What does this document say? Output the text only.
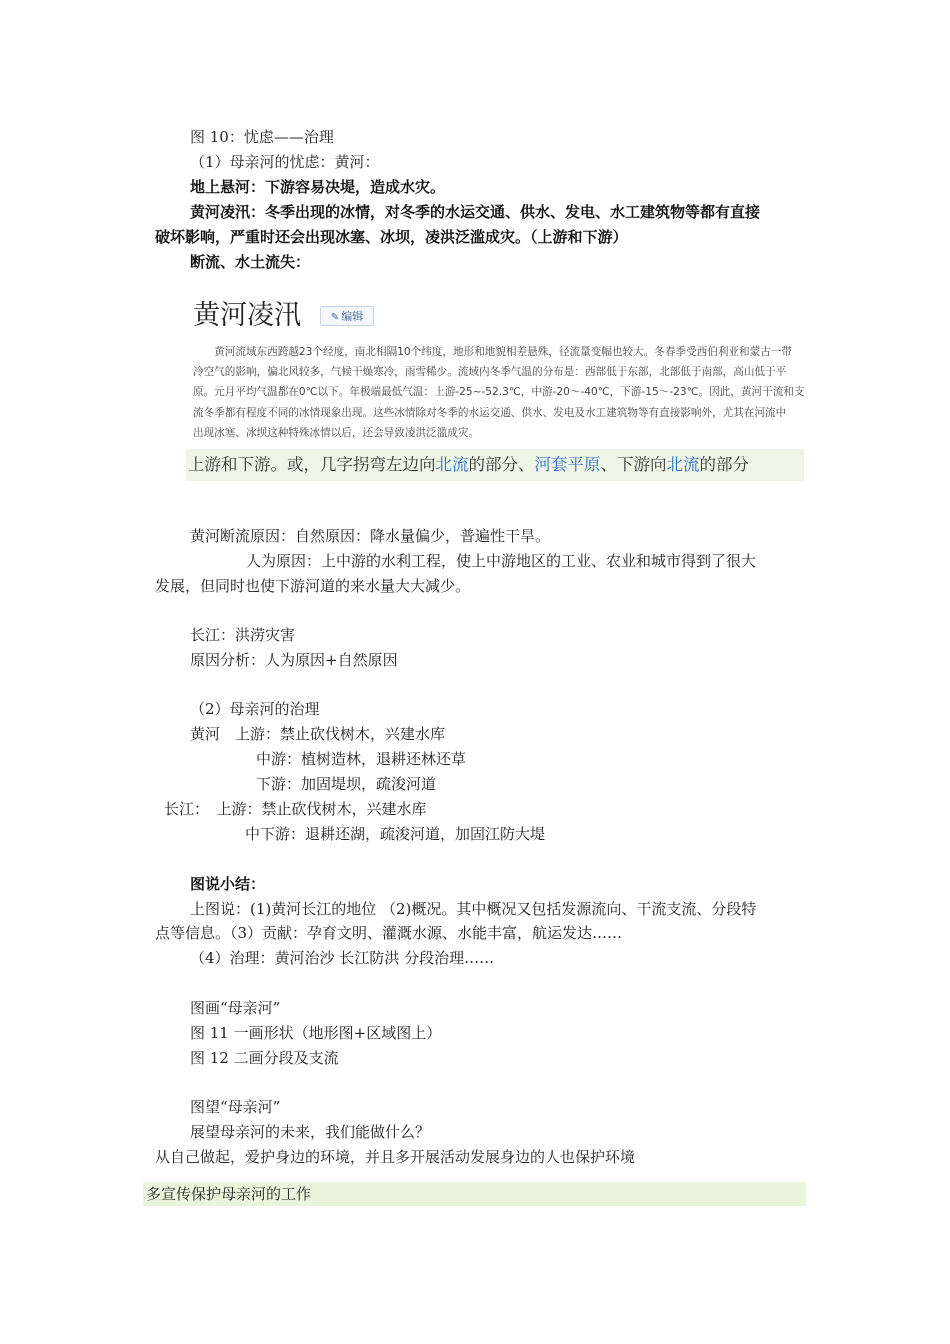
图 10：忧虑——治理
（1）母亲河的忧虑：黄河：
地上悬河：下游容易决堤，造成水灾。
黄河凌汛：冬季出现的冰情，对冬季的水运交通、供水、发电、水工建筑物等都有直接
破坏影响，严重时还会出现冰塞、冰坝，凌洪泛滥成灾。（上游和下游）
断流、水土流失：
黄河凌汛	✎ 编辑
　　黄河流域东西跨越23个经度，南北相隔10个纬度，地形和地貌相差悬殊，径流量变幅也较大。冬春季受西伯利亚和蒙古一带
冷空气的影响，偏北风较多，气候干燥寒冷，雨雪稀少。流域内冬季气温的分布是：西部低于东部，北部低于南部，高山低于平
原。元月平均气温都在0℃以下。年极端最低气温：上游-25~-52.3℃，中游-20～-40℃，下游-15～-23℃。因此，黄河干流和支
流冬季都有程度不同的冰情现象出现。这些冰情除对冬季的水运交通、供水、发电及水工建筑物等有直接影响外，尤其在河流中
出现冰塞、冰坝这种特殊冰情以后，还会导致凌洪泛滥成灾。
上游和下游。或，几字拐弯左边向北流的部分、河套平原、下游向北流的部分
黄河断流原因：自然原因：降水量偏少，普遍性干旱。
人为原因：上中游的水利工程，使上中游地区的工业、农业和城市得到了很大
发展，但同时也使下游河道的来水量大大减少。
长江：洪涝灾害
原因分析：人为原因+自然原因
（2）母亲河的治理
黄河　上游：禁止砍伐树木，兴建水库
中游：植树造林，退耕还林还草
下游：加固堤坝，疏浚河道
长江：　上游：禁止砍伐树木，兴建水库
中下游：退耕还湖，疏浚河道，加固江防大堤
图说小结：
上图说：(1)黄河长江的地位 （2)概况。其中概况又包括发源流向、干流支流、分段特
点等信息。（3）贡献：孕育文明、灌溉水源、水能丰富，航运发达……
（4）治理：黄河治沙 长江防洪 分段治理……
图画“母亲河”
图 11 一画形状（地形图+区域图上）
图 12 二画分段及支流
图望“母亲河”
展望母亲河的未来，我们能做什么？
从自己做起，爱护身边的环境，并且多开展活动发展身边的人也保护环境
多宣传保护母亲河的工作
